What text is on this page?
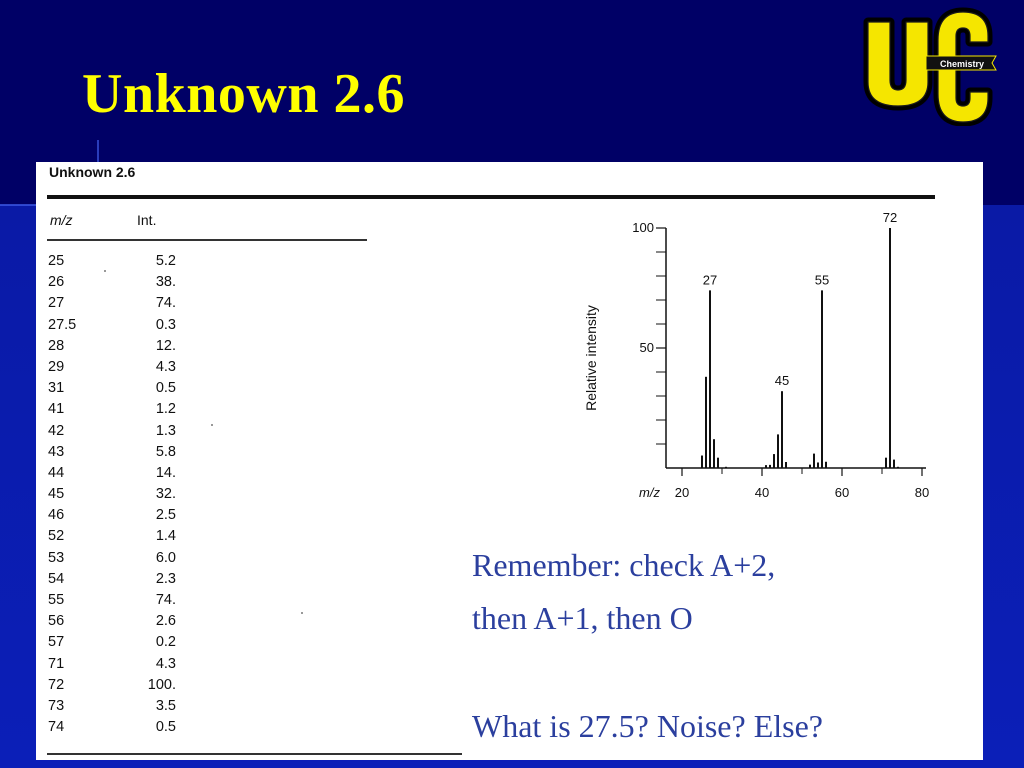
Unknown 2.6	Chemistry
Unknown 2.6
m/z	Int.
25	5.2
26	38.
27	74.
27.5	0.3
28	12.
29	4.3
31	0.5
41	1.2
42	1.3
43	5.8
44	14.
45	32.
46	2.5
52	1.4
53	6.0
54	2.3
55	74.
56	2.6
57	0.2
71	4.3
72	100.
73	3.5
74	0.5
50
100
20	40	60	80
m/z
Relative intensity
27
45
55
72
Remember: check A+2,
then A+1, then O
What is 27.5? Noise? Else?
